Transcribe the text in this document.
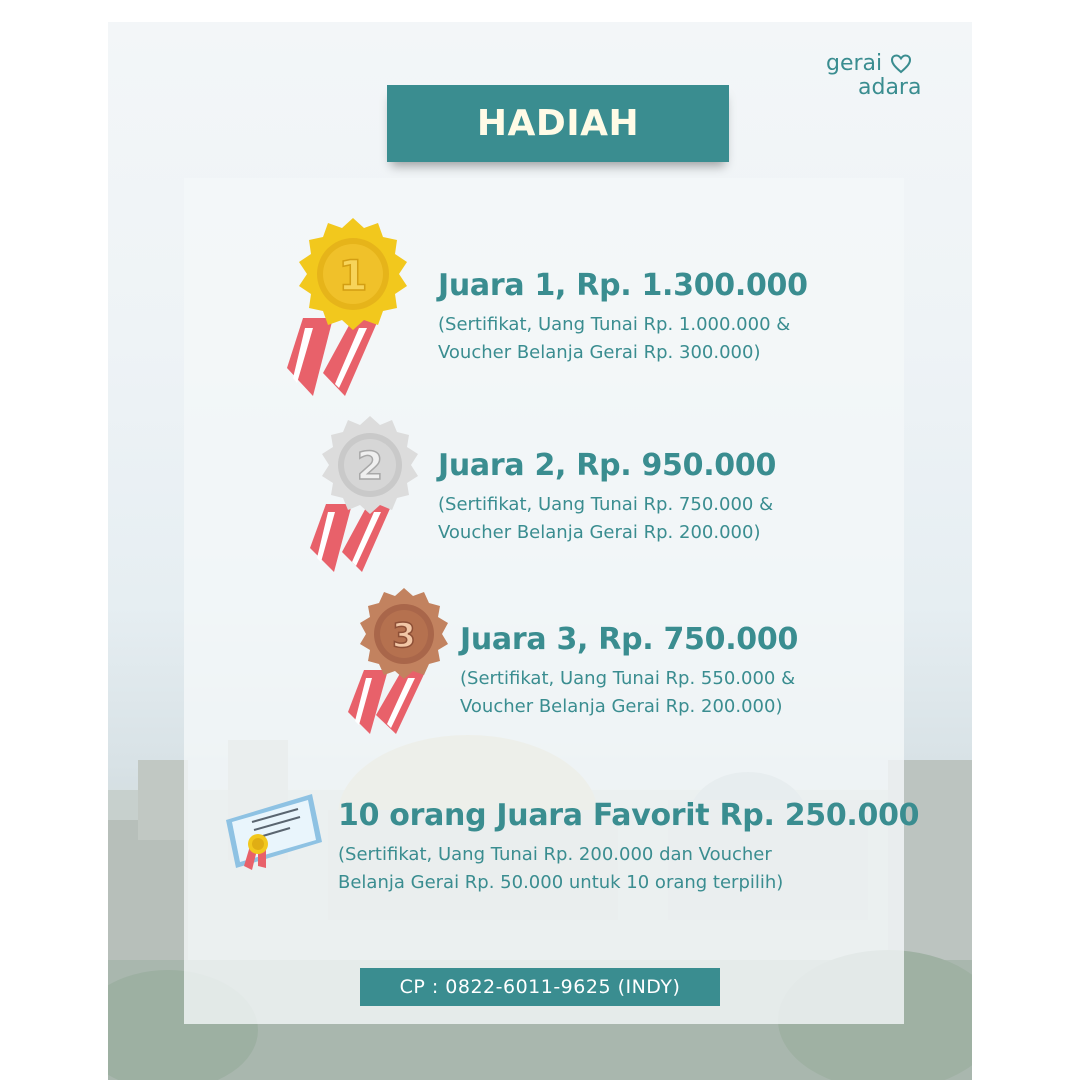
HADIAH
gerai
adara
1 Juara 1, Rp. 1.300.000

(Sertifikat, Uang Tunai Rp. 1.000.000 &
Voucher Belanja Gerai Rp. 300.000)

2 Juara 2, Rp. 950.000

(Sertifikat, Uang Tunai Rp. 750.000 &
Voucher Belanja Gerai Rp. 200.000)

3 Juara 3, Rp. 750.000

(Sertifikat, Uang Tunai Rp. 550.000 &
Voucher Belanja Gerai Rp. 200.000)

10 orang Juara Favorit Rp. 250.000

(Sertifikat, Uang Tunai Rp. 200.000 dan Voucher
Belanja Gerai Rp. 50.000 untuk 10 orang terpilih)

CP : 0822-6011-9625 (INDY)
